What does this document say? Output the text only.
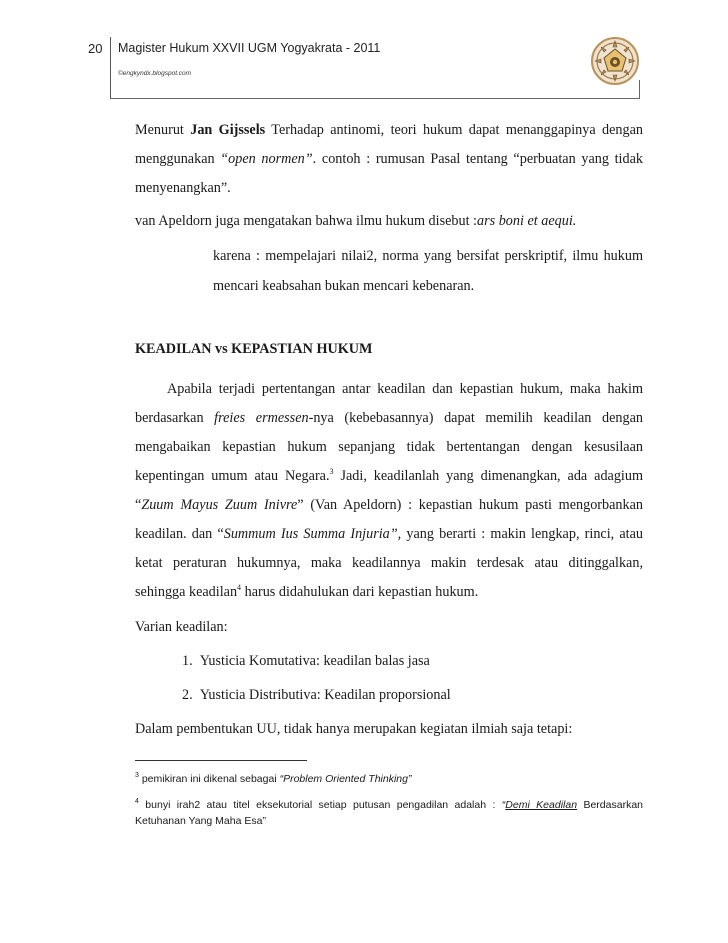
20 Magister Hukum XXVII UGM Yogyakrata - 2011
©engkyndx.blogspot.com
Menurut Jan Gijssels Terhadap antinomi, teori hukum dapat menanggapinya dengan
menggunakan “open normen”. contoh : rumusan Pasal tentang “perbuatan yang tidak
menyenangkan”.
van Apeldorn juga mengatakan bahwa ilmu hukum disebut :ars boni et aequi.
karena : mempelajari nilai2, norma yang bersifat perskriptif, ilmu hukum
mencari keabsahan bukan mencari kebenaran.
KEADILAN vs KEPASTIAN HUKUM
Apabila terjadi pertentangan antar keadilan dan kepastian hukum, maka hakim
berdasarkan freies ermessen-nya (kebebasannya) dapat memilih keadilan dengan
mengabaikan kepastian hukum sepanjang tidak bertentangan dengan kesusilaan
kepentingan umum atau Negara.$^3$ Jadi, keadilanlah yang dimenangkan, ada adagium
“Zuum Mayus Zuum Inivre” (Van Apeldorn) : kepastian hukum pasti mengorbankan
keadilan. dan “Summum Ius Summa Injuria”, yang berarti : makin lengkap, rinci, atau
ketat peraturan hukumnya, maka keadilannya makin terdesak atau ditinggalkan,
sehingga keadilan$^4$ harus didahulukan dari kepastian hukum.
Varian keadilan:
1. Yusticia Komutativa: keadilan balas jasa
2. Yusticia Distributiva: Keadilan proporsional
Dalam pembentukan UU, tidak hanya merupakan kegiatan ilmiah saja tetapi:
$^3$ pemikiran ini dikenal sebagai “Problem Oriented Thinking”
$^4$ bunyi irah2 atau titel eksekutorial setiap putusan pengadilan adalah : “Demi Keadilan Berdasarkan
Ketuhanan Yang Maha Esa”
